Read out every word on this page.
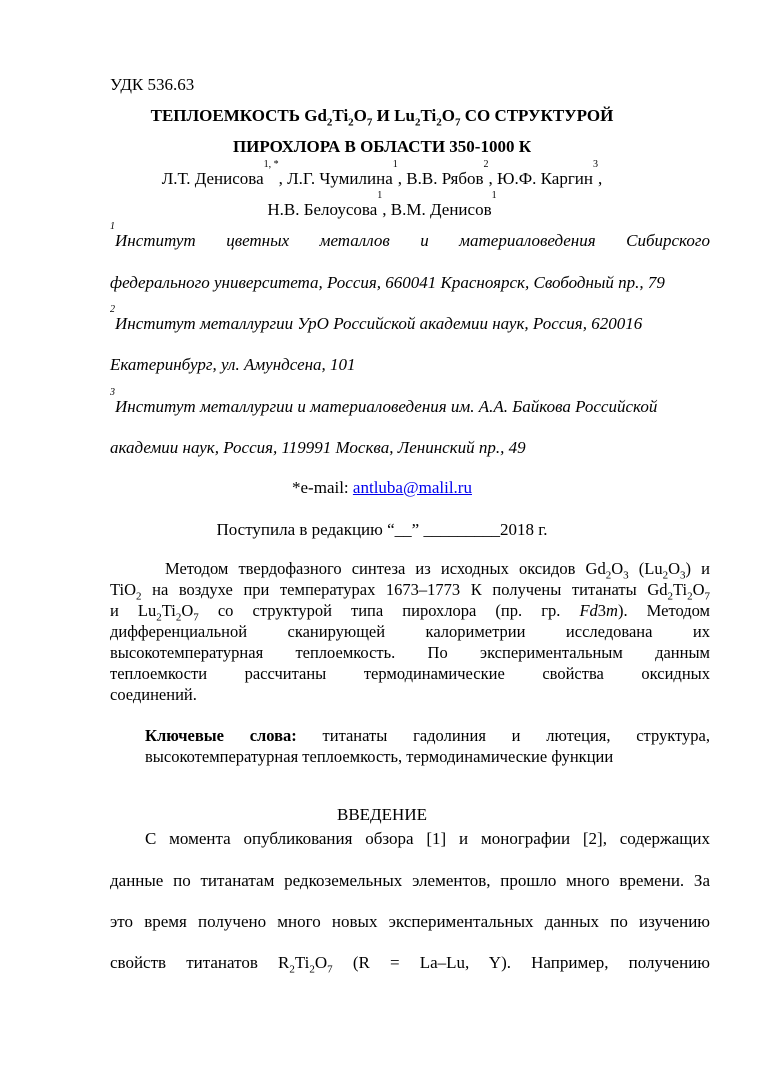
УДК 536.63
ТЕПЛОЕМКОСТЬ $Gd_2Ti_2O_7$ И $Lu_2Ti_2O_7$ СО СТРУКТУРОЙ
ПИРОХЛОРА В ОБЛАСТИ 350-1000 К
Л.Т. Денисова$^{1, *}$, Л.Г. Чумилина$^1$, В.В. Рябов$^2$, Ю.Ф. Каргин$^3$,
Н.В. Белоусова$^1$, В.М. Денисов$^1$
$^1$Институт цветных металлов и материаловедения Сибирского
федерального университета, Россия, 660041 Красноярск, Свободный пр., 79
$^2$Институт металлургии УрО Российской академии наук, Россия, 620016
Екатеринбург, ул. Амундсена, 101
$^3$Институт металлургии и материаловедения им. А.А. Байкова Российской
академии наук, Россия, 119991 Москва, Ленинский пр., 49
*e-mail: antluba@malil.ru
Поступила в редакцию “__” _________2018 г.
Методом твердофазного синтеза из исходных оксидов $Gd_2O_3$ $(Lu_2O_3)$ и
TiO$_2$ на воздухе при температурах 1673–1773 К получены титанаты $Gd_2Ti_2O_7$
и $Lu_2Ti_2O_7$ со структурой типа пирохлора (пр. гр. Fd3m). Методом
дифференциальной сканирующей калориметрии исследована их
высокотемпературная теплоемкость. По экспериментальным данным
теплоемкости рассчитаны термодинамические свойства оксидных
соединений.
Ключевые слова: титанаты гадолиния и лютеция, структура,
высокотемпературная теплоемкость, термодинамические функции
ВВЕДЕНИЕ
С момента опубликования обзора [1] и монографии [2], содержащих
данные по титанатам редкоземельных элементов, прошло много времени. За
это время получено много новых экспериментальных данных по изучению
свойств титанатов $R_2Ti_2O_7$ (R = La–Lu, Y). Например, получению
